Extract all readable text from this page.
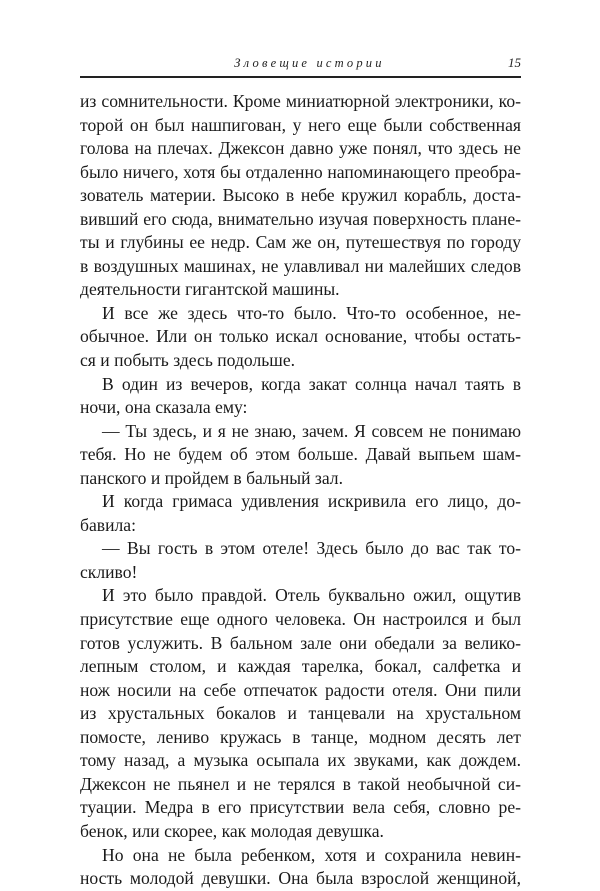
Зловещие истории	15
из сомнительности. Кроме миниатюрной электроники, ко-
торой он был нашпигован, у него еще были собственная
голова на плечах. Джексон давно уже понял, что здесь не
было ничего, хотя бы отдаленно напоминающего преобра-
зователь материи. Высоко в небе кружил корабль, доста-
вивший его сюда, внимательно изучая поверхность плане-
ты и глубины ее недр. Сам же он, путешествуя по городу
в воздушных машинах, не улавливал ни малейших следов
деятельности гигантской машины.
И все же здесь что-то было. Что-то особенное, не-
обычное. Или он только искал основание, чтобы остать-
ся и побыть здесь подольше.
В один из вечеров, когда закат солнца начал таять в
ночи, она сказала ему:
— Ты здесь, и я не знаю, зачем. Я совсем не понимаю
тебя. Но не будем об этом больше. Давай выпьем шам-
панского и пройдем в бальный зал.
И когда гримаса удивления искривила его лицо, до-
бавила:
— Вы гость в этом отеле! Здесь было до вас так то-
скливо!
И это было правдой. Отель буквально ожил, ощутив
присутствие еще одного человека. Он настроился и был
готов услужить. В бальном зале они обедали за велико-
лепным столом, и каждая тарелка, бокал, салфетка и
нож носили на себе отпечаток радости отеля. Они пили
из хрустальных бокалов и танцевали на хрустальном
помосте, лениво кружась в танце, модном десять лет
тому назад, а музыка осыпала их звуками, как дождем.
Джексон не пьянел и не терялся в такой необычной си-
туации. Медра в его присутствии вела себя, словно ре-
бенок, или скорее, как молодая девушка.
Но она не была ребенком, хотя и сохранила невин-
ность молодой девушки. Она была взрослой женщиной,
